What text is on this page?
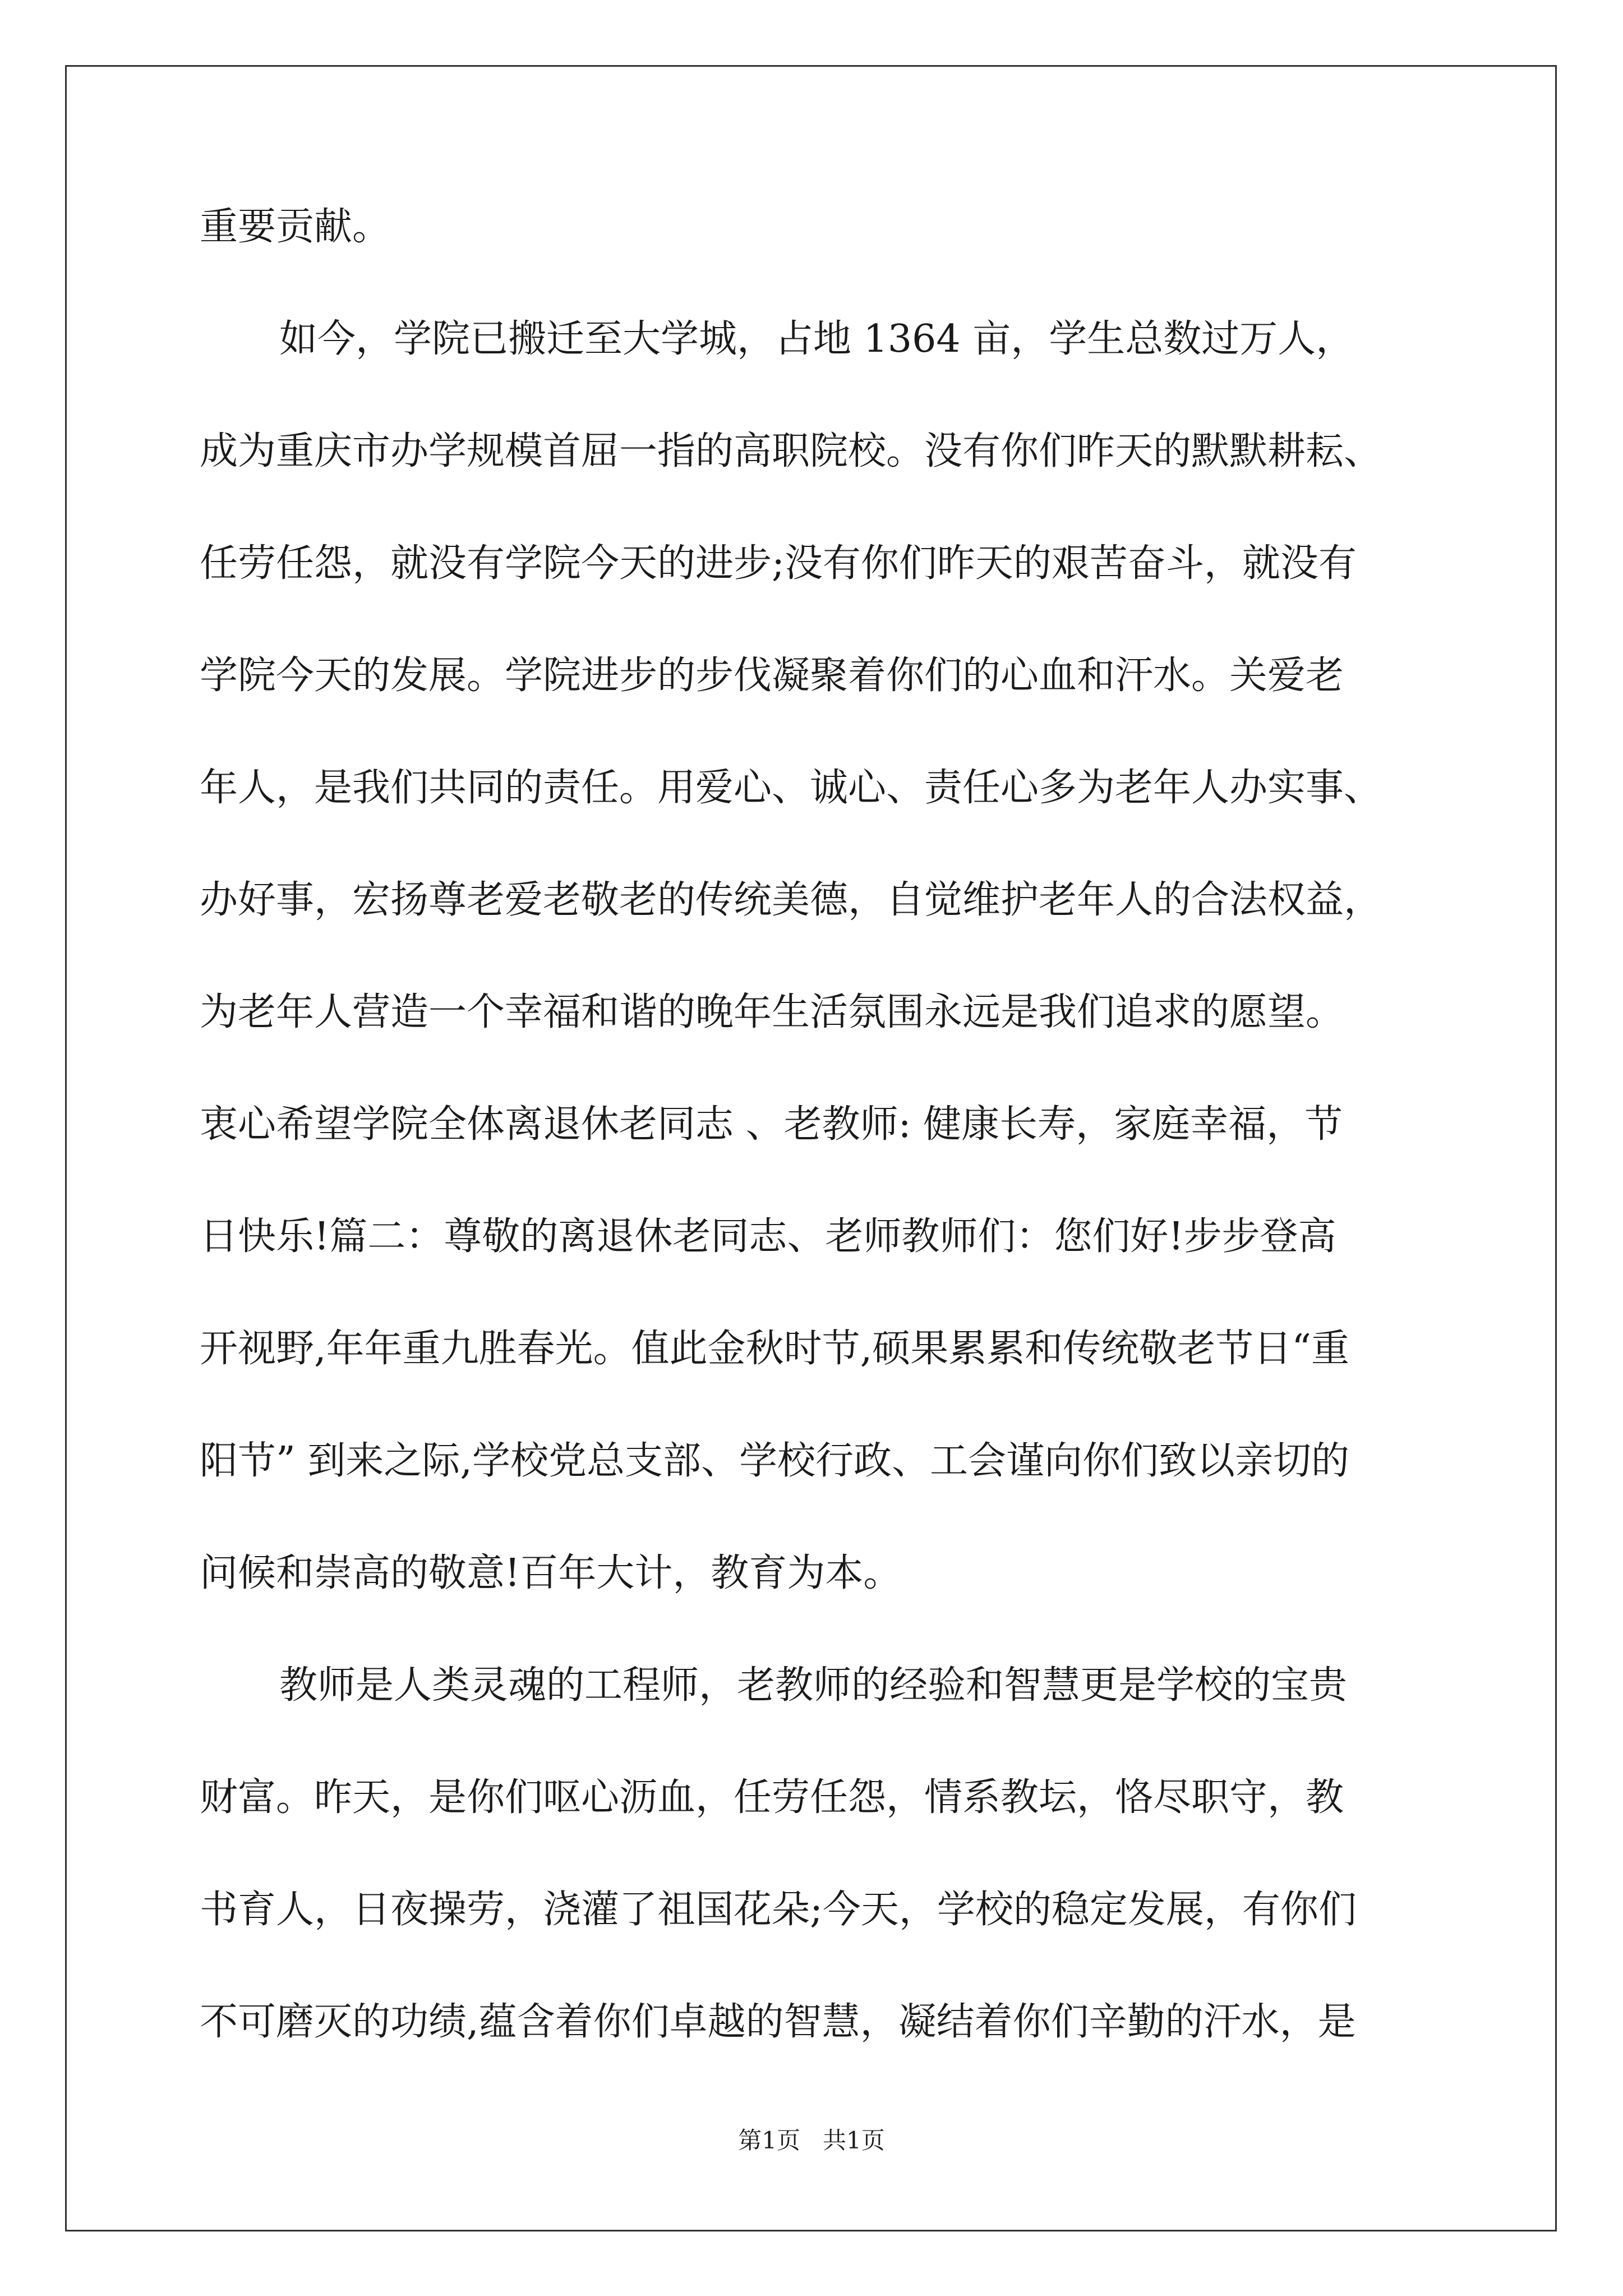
重要贡献。
如今，学院已搬迁至大学城，占地 1364 亩，学生总数过万人，
成为重庆市办学规模首屈一指的高职院校。没有你们昨天的默默耕耘、
任劳任怨，就没有学院今天的进步;没有你们昨天的艰苦奋斗，就没有
学院今天的发展。学院进步的步伐凝聚着你们的心血和汗水。关爱老
年人，是我们共同的责任。用爱心、诚心、责任心多为老年人办实事、
办好事，宏扬尊老爱老敬老的传统美德，自觉维护老年人的合法权益，
为老年人营造一个幸福和谐的晚年生活氛围永远是我们追求的愿望。
衷心希望学院全体离退休老同志 、老教师: 健康长寿，家庭幸福，节
日快乐!篇二：尊敬的离退休老同志、老师教师们：您们好!步步登高
开视野,年年重九胜春光。值此金秋时节,硕果累累和传统敬老节日“重
阳节” 到来之际,学校党总支部、学校行政、工会谨向你们致以亲切的
问候和崇高的敬意!百年大计，教育为本。
教师是人类灵魂的工程师，老教师的经验和智慧更是学校的宝贵
财富。昨天，是你们呕心沥血，任劳任怨，情系教坛，恪尽职守，教
书育人，日夜操劳，浇灌了祖国花朵;今天，学校的稳定发展，有你们
不可磨灭的功绩,蕴含着你们卓越的智慧，凝结着你们辛勤的汗水，是
第1页   共1页
